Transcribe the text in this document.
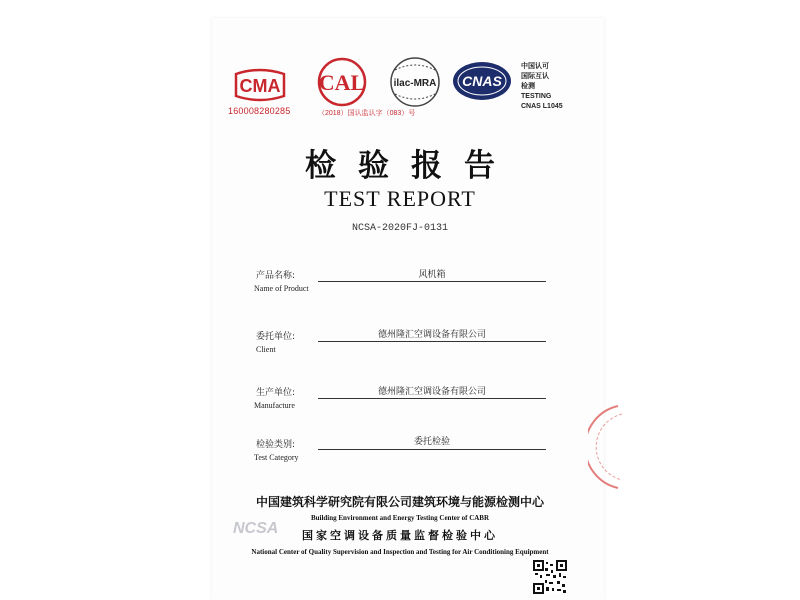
CMA
160008280285
CAL
（2018）国认监认字（083）号
ilac-MRA CNAS
中国认可
国际互认
检测
TESTING
CNAS L1045
检验报告
TEST REPORT
NCSA-2020FJ-0131
产品名称:
Name of Product
风机箱
委托单位:
Client
德州隆汇空调设备有限公司
生产单位:
Manufacture
德州隆汇空调设备有限公司
检验类别:
Test Category
委托检验
中国建筑科学研究院有限公司建筑环境与能源检测中心
Building Environment and Energy Testing Center of CABR
NCSA	国家空调设备质量监督检验中心
National Center of Quality Supervision and Inspection and Testing for Air Conditioning Equipment
